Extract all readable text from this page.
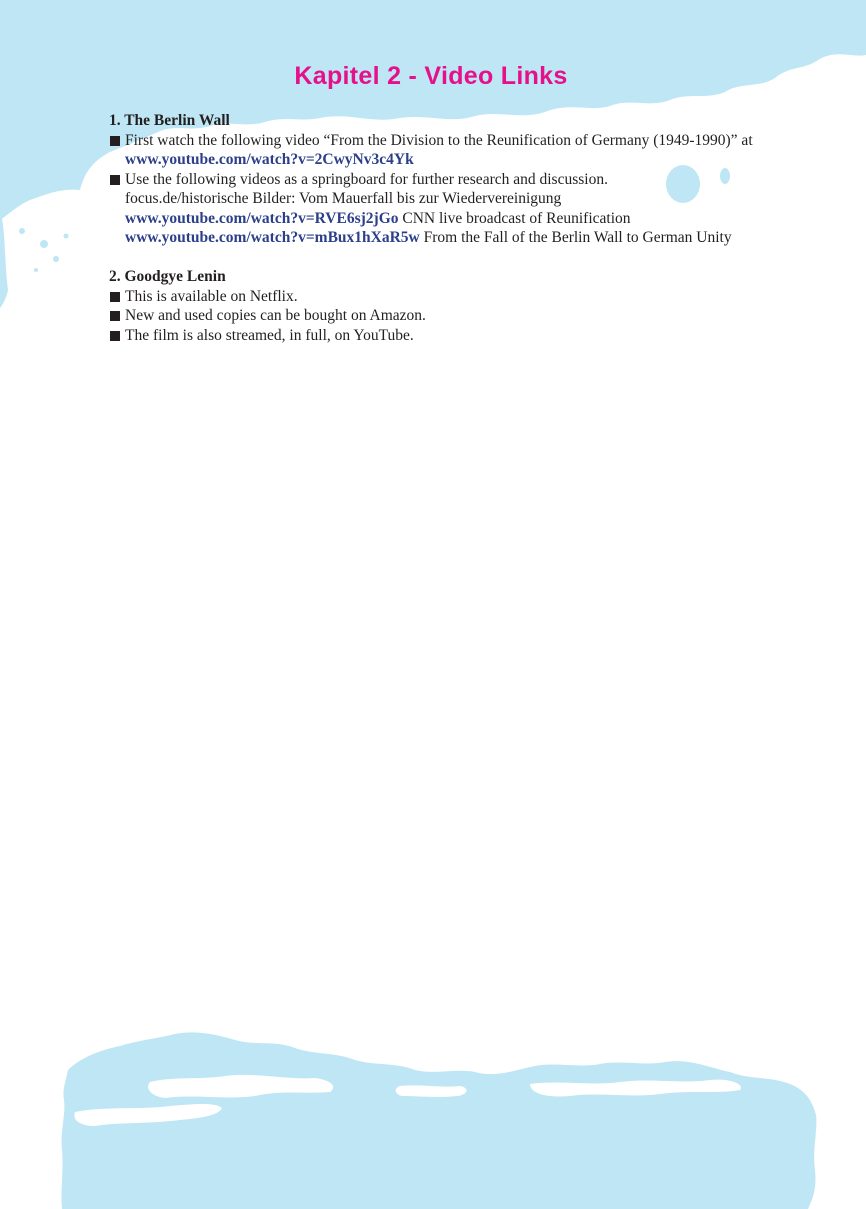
Kapitel 2 - Video Links
1. The Berlin Wall
First watch the following video “From the Division to the Reunification of Germany (1949-1990)” at
www.youtube.com/watch?v=2CwyNv3c4Yk
Use the following videos as a springboard for further research and discussion.
focus.de/historische Bilder: Vom Mauerfall bis zur Wiedervereinigung
www.youtube.com/watch?v=RVE6sj2jGo CNN live broadcast of Reunification
www.youtube.com/watch?v=mBux1hXaR5w From the Fall of the Berlin Wall to German Unity
2. Goodgye Lenin
This is available on Netflix.
New and used copies can be bought on Amazon.
The film is also streamed, in full, on YouTube.
